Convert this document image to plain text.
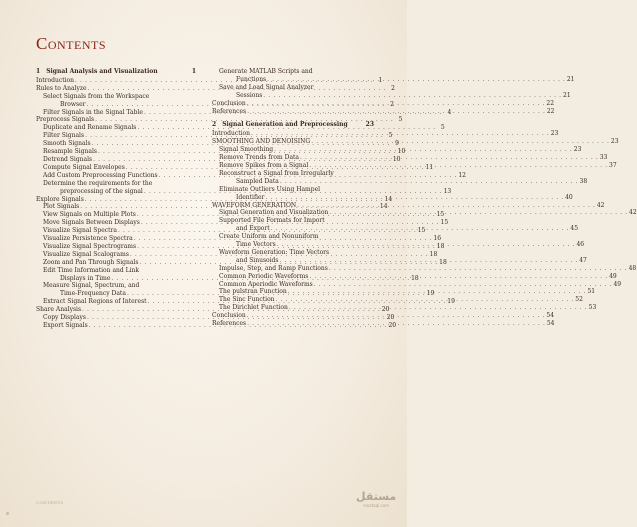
Contents
1 Signal Analysis and Visualization	1
Introduction . . .	1
Rules to Analyze . . .	2
Select Signals from the Workspace
Browser . . .	2
Filter Signals in the Signal Table . . .	4
Preprocess Signals . . .	5
Duplicate and Rename Signals . . .	5
Filter Signals . . .	5
Smooth Signals . . .	9
Resample Signals . . .	10
Detrend Signals . . .	10
Compute Signal Envelopes . . .	11
Add Custom Preprocessing Functions . . .	12
Determine the requirements for the
preprocessing of the signal . . .	13
Explore Signals . . .	14
Plot Signals . . .	14
View Signals on Multiple Plots . . .	15
Move Signals Between Displays . . .	15
Visualize Signal Spectra . . .	15
Visualize Persistence Spectra . . .	16
Visualize Signal Spectrograms . . .	18
Visualize Signal Scalograms . . .	18
Zoom and Pan Through Signals . . .	18
Edit Time Information and Link
Displays in Time . . .	18
Measure Signal, Spectrum, and
Time-Frequency Data . . .	19
Extract Signal Regions of Interest . . .	19
Share Analysis . . .	20
Copy Displays . . .	20
Export Signals . . .	20
Generate MATLAB Scripts and
Functions . . .	21
Save and Load Signal Analyzer
Sessions . . .	21
Conclusion . . .	22
References . . .	22
2 Signal Generation and Preprocessing	23
Introduction . . .	23
SMOOTHING AND DENOISING . . .	23
Signal Smoothing . . .	23
Remove Trends from Data . . .	33
Remove Spikes from a Signal . . .	37
Reconstruct a Signal from Irregularly
Sampled Data . . .	38
Eliminate Outliers Using Hampel
Identifier . . .	40
WAVEFORM GENERATION . . .	42
Signal Generation and Visualization . . .	42
Supported File Formats for Import
and Export . . .	45
Create Uniform and Nonuniform
Time Vectors . . .	46
Waveform Generation: Time Vectors
and Sinusoids . . .	47
Impulse, Step, and Ramp Functions . . .	48
Common Periodic Waveforms . . .	49
Common Aperiodic Waveforms . . .	49
The pulstran Function . . .	51
The Sinc Function . . .	52
The Dirichlet Function . . .	53
Conclusion . . .	54
References . . .	54
CONTENTS	مستقل
mostaql.com
